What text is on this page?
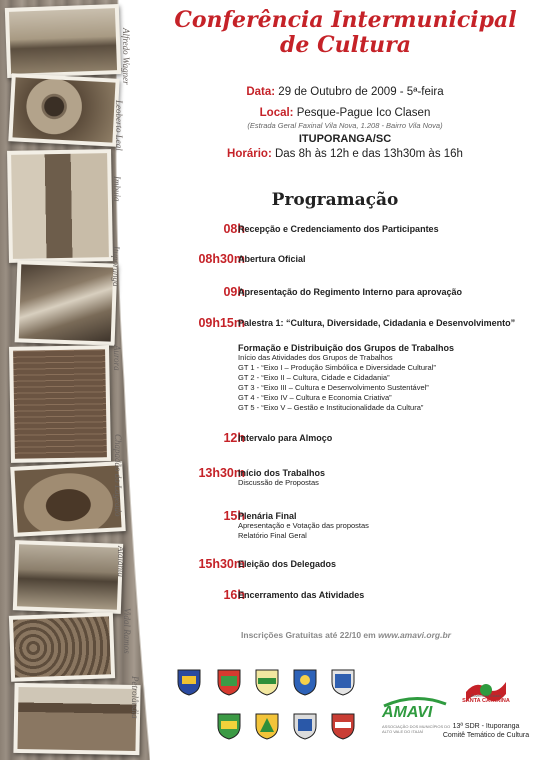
Alfredo Wagner
Leoberto Leal
Imbuia
Ituporanga
Aurora
Chapadão do Lageado
Atalanta
Vidal Ramos
Petrolândia
Conferência Intermunicipal
de Cultura
Data: 29 de Outubro de 2009 - 5ª-feira
Local: Pesque-Pague Ico Clasen
(Estrada Geral Faxinal Vila Nova, 1.208 - Bairro Vila Nova)
ITUPORANGA/SC
Horário: Das 8h às 12h e das 13h30m às 16h
Programação
08h
Recepção e Credenciamento dos Participantes
08h30m
Abertura Oficial
09h
Apresentação do Regimento Interno para aprovação
09h15m
Palestra 1: “Cultura, Diversidade, Cidadania e Desenvolvimento”
Formação e Distribuição dos Grupos de Trabalhos
Início das Atividades dos Grupos de Trabalhos
GT 1 - “Eixo I – Produção Simbólica e Diversidade Cultural”
GT 2 - “Eixo II – Cultura, Cidade e Cidadania”
GT 3 - “Eixo III – Cultura e Desenvolvimento Sustentável”
GT 4 - “Eixo IV – Cultura e Economia Criativa”
GT 5 - “Eixo V – Gestão e Institucionalidade da Cultura”
12h
Intervalo para Almoço
13h30m
Início dos Trabalhos
Discussão de Propostas
15h
Plenária Final
Apresentação e Votação das propostas
Relatório Final Geral
15h30m
Eleição dos Delegados
16h
Encerramento das Atividades
Inscrições Gratuitas até 22/10 em www.amavi.org.br
AMAVI
ASSOCIAÇÃO DOS MUNICÍPIOS DO ALTO VALE DO ITAJAÍ
Governo do Estado
SANTA CATARINA
13ª SDR - Ituporanga
Comitê Temático de Cultura
